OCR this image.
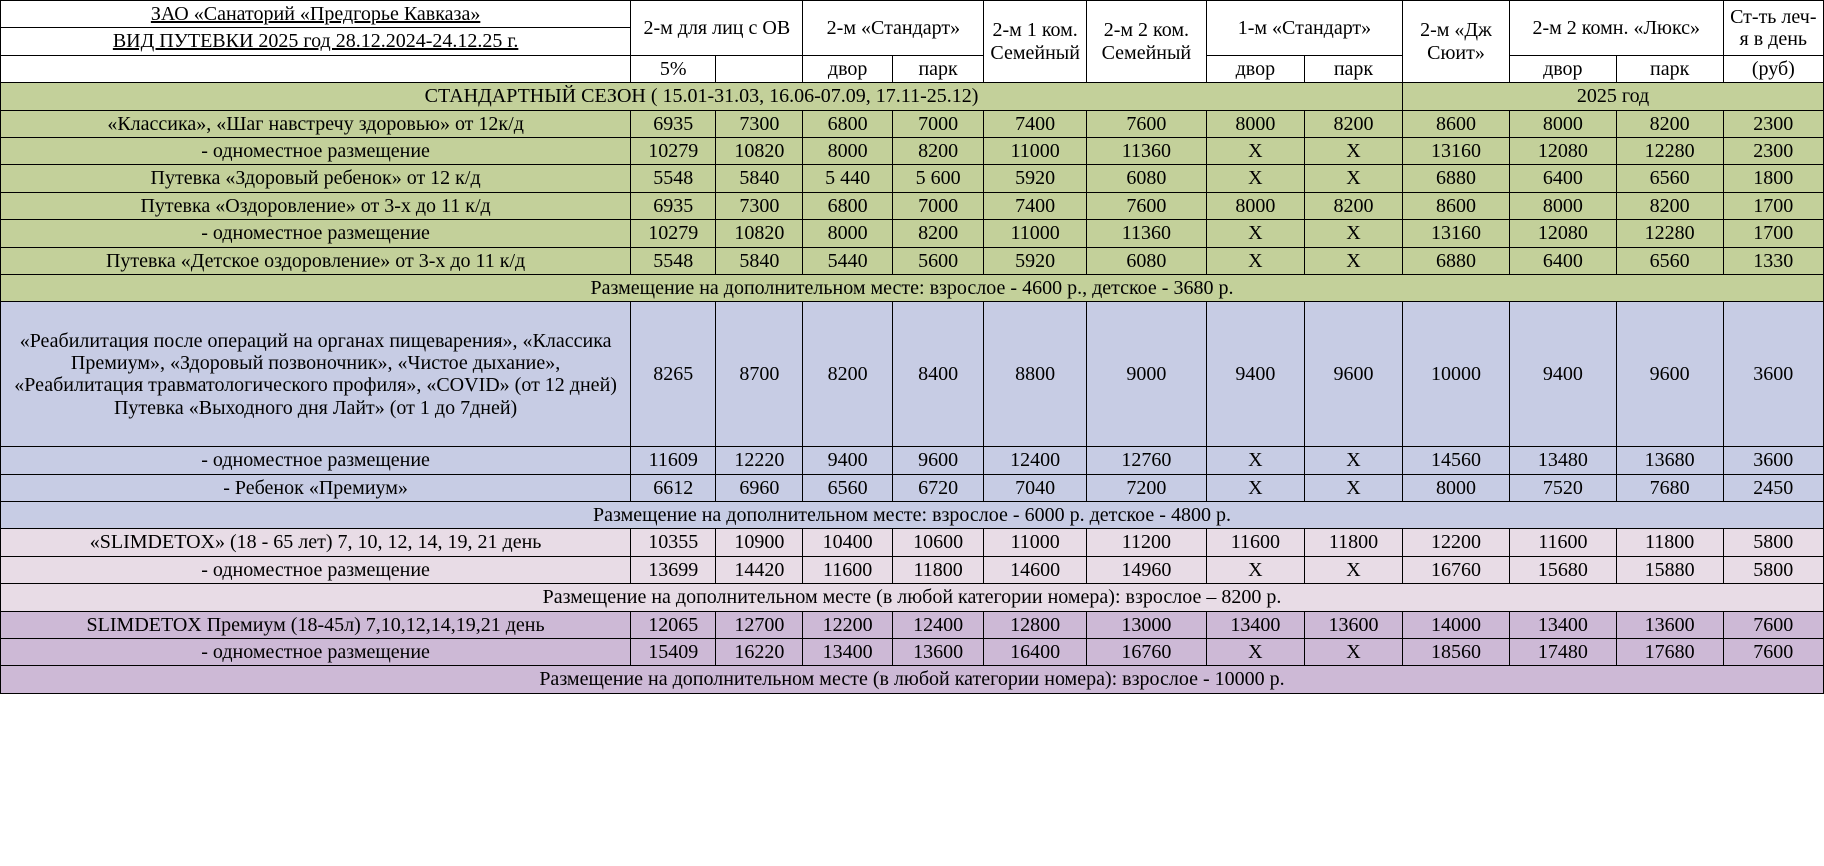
ЗАО «Санаторий «Предгорье Кавказа»	2-м для лиц с ОВ		2-м «Стандарт»		2-м 1 ком. Семейный	2-м 2 ком. Семейный	1-м «Стандарт»		2-м «Дж Сюит»	2-м 2 комн. «Люкс»		Ст-ть леч-я в день
ВИД ПУТЕВКИ 2025 год 28.12.2024-24.12.25 г.												
	5%		двор	парк			двор	парк		двор	парк	(руб)
СТАНДАРТНЫЙ СЕЗОН ( 15.01-31.03, 16.06-07.09, 17.11-25.12)									2025 год			
«Классика», «Шаг навстречу здоровью» от 12к/д	6935	7300	6800	7000	7400	7600	8000	8200	8600	8000	8200	2300
- одноместное размещение	10279	10820	8000	8200	11000	11360	Х	Х	13160	12080	12280	2300
Путевка «Здоровый ребенок» от 12 к/д	5548	5840	5 440	5 600	5920	6080	Х	Х	6880	6400	6560	1800
Путевка «Оздоровление» от 3-х до 11 к/д	6935	7300	6800	7000	7400	7600	8000	8200	8600	8000	8200	1700
- одноместное размещение	10279	10820	8000	8200	11000	11360	Х	Х	13160	12080	12280	1700
Путевка «Детское оздоровление» от 3-х до 11 к/д	5548	5840	5440	5600	5920	6080	Х	Х	6880	6400	6560	1330
Размещение на дополнительном месте: взрослое - 4600 р., детское - 3680 р.												
«Реабилитация после операций на органах пищеварения», «Классика Премиум», «Здоровый позвоночник», «Чистое дыхание», «Реабилитация травматологического профиля», «COVID» (от 12 дней) Путевка «Выходного дня Лайт» (от 1 до 7дней)	8265	8700	8200	8400	8800	9000	9400	9600	10000	9400	9600	3600
- одноместное размещение	11609	12220	9400	9600	12400	12760	Х	Х	14560	13480	13680	3600
- Ребенок «Премиум»	6612	6960	6560	6720	7040	7200	Х	Х	8000	7520	7680	2450
Размещение на дополнительном месте: взрослое - 6000 р. детское - 4800 р.												
«SLIMDETOX» (18 - 65 лет) 7, 10, 12, 14, 19, 21 день	10355	10900	10400	10600	11000	11200	11600	11800	12200	11600	11800	5800
- одноместное размещение	13699	14420	11600	11800	14600	14960	Х	Х	16760	15680	15880	5800
Размещение на дополнительном месте (в любой категории номера): взрослое – 8200 р.												
SLIMDETOX Премиум (18-45л) 7,10,12,14,19,21 день	12065	12700	12200	12400	12800	13000	13400	13600	14000	13400	13600	7600
- одноместное размещение	15409	16220	13400	13600	16400	16760	Х	Х	18560	17480	17680	7600
Размещение на дополнительном месте (в любой категории номера): взрослое - 10000 р.												
